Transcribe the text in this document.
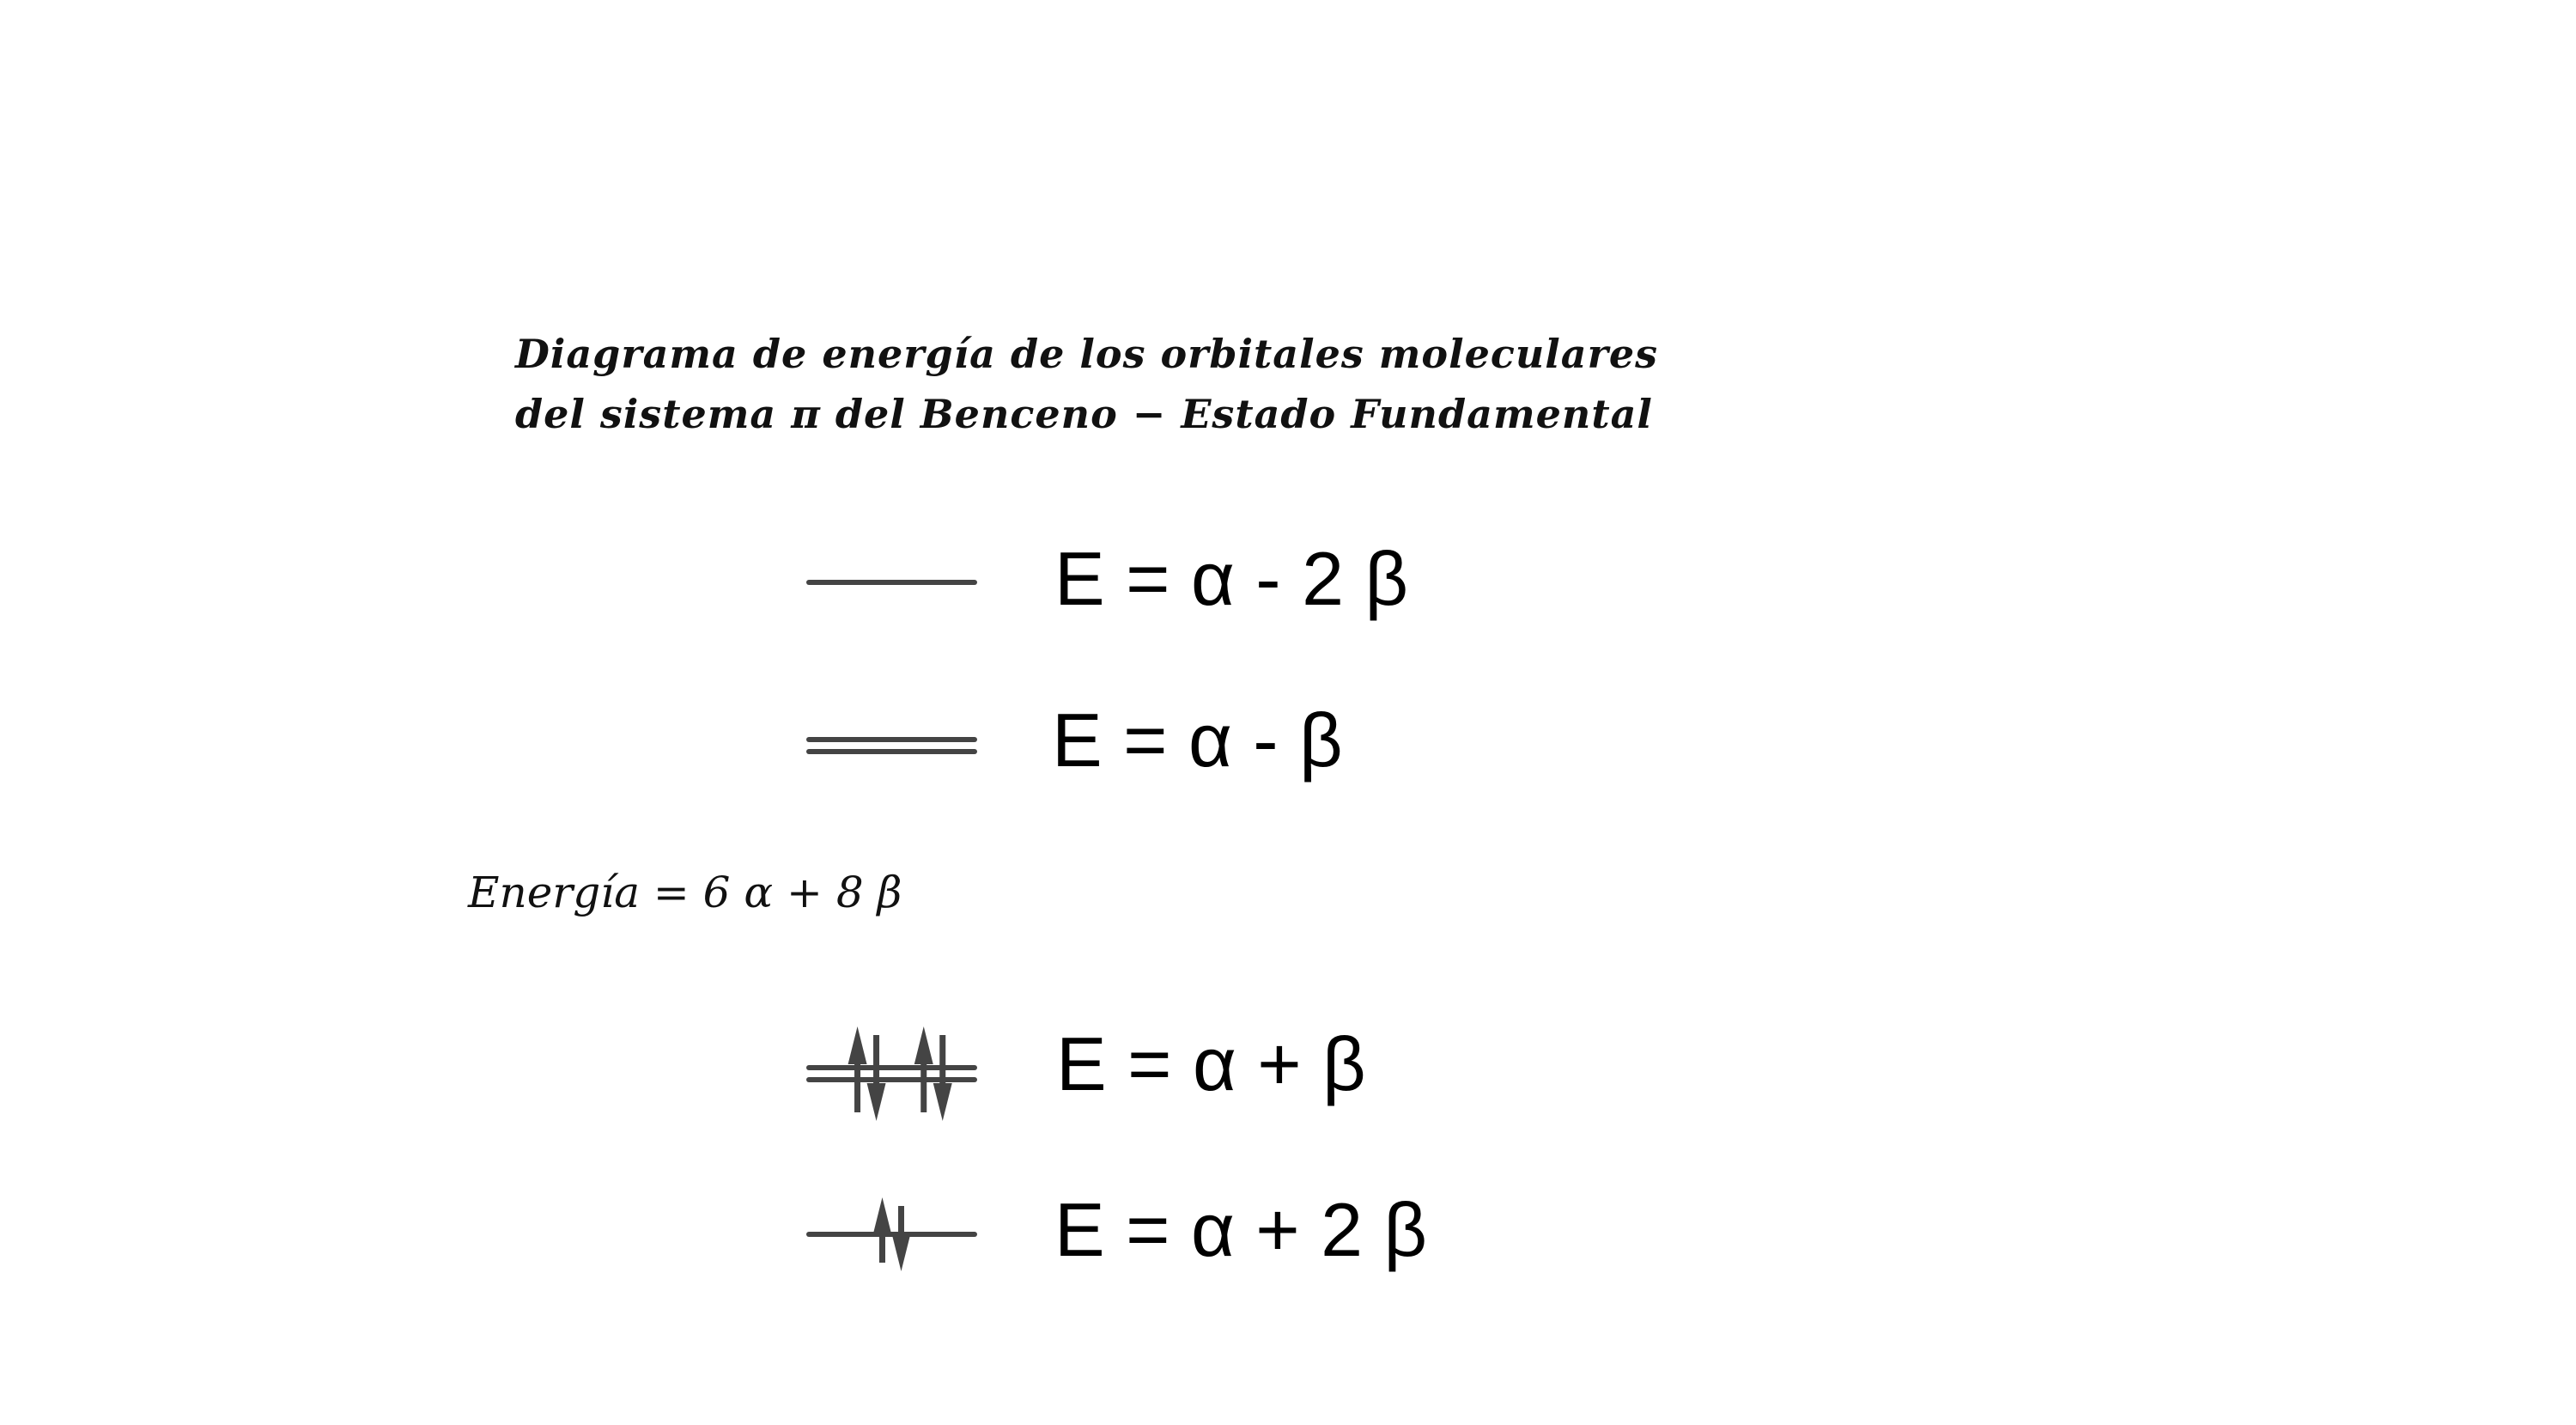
Diagrama de energía de los orbitales moleculares
del sistema π del Benceno − Estado Fundamental
E = α - 2 β
E = α - β
E = α + β
E = α + 2 β
Energía = 6 α + 8 β
